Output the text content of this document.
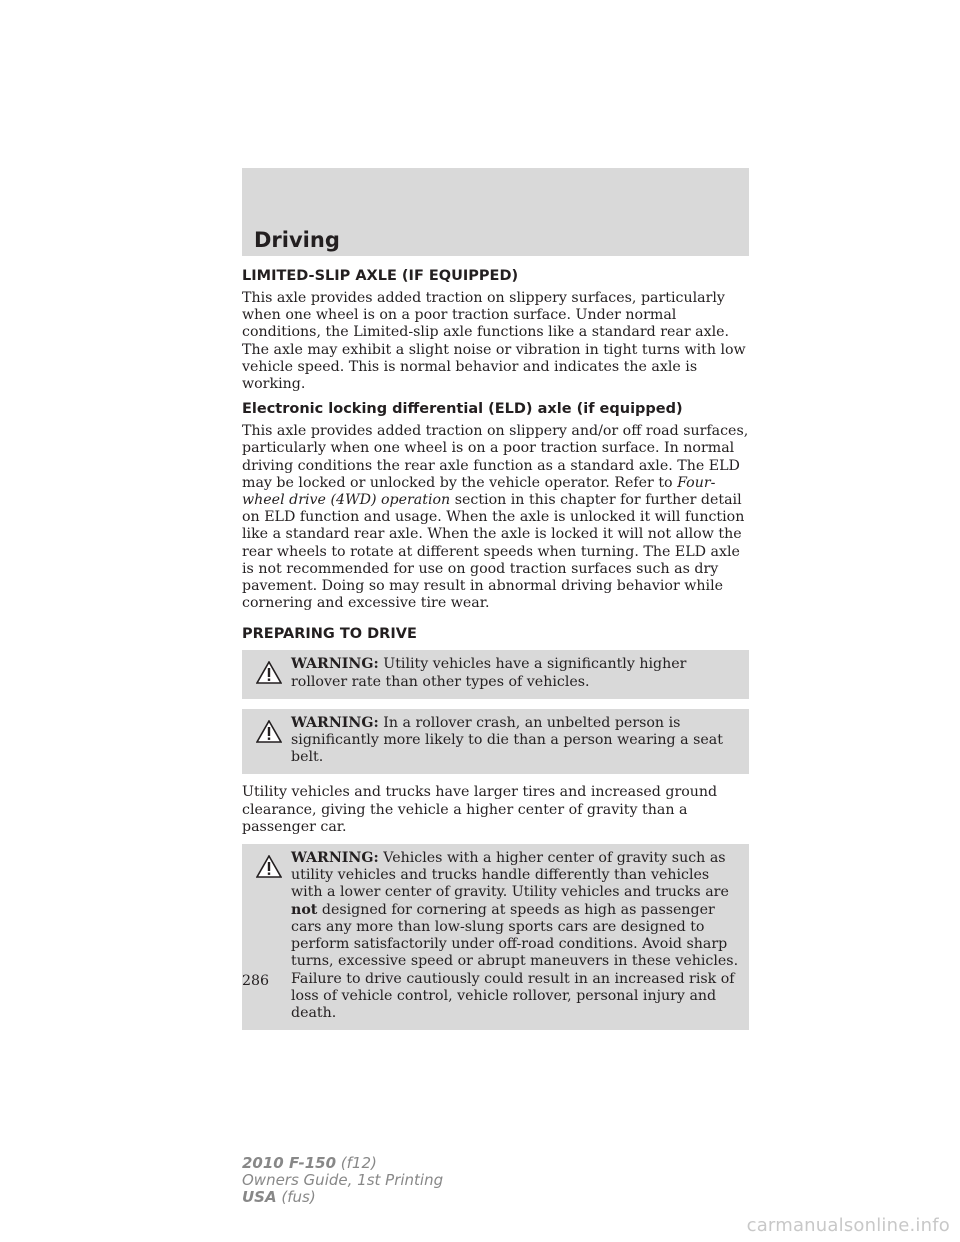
Driving
LIMITED-SLIP AXLE (IF EQUIPPED)

This axle provides added traction on slippery surfaces, particularly when one wheel is on a poor traction surface. Under normal conditions, the Limited-slip axle functions like a standard rear axle. The axle may exhibit a slight noise or vibration in tight turns with low vehicle speed. This is normal behavior and indicates the axle is working.

Electronic locking differential (ELD) axle (if equipped)

This axle provides added traction on slippery and/or off road surfaces, particularly when one wheel is on a poor traction surface. In normal driving conditions the rear axle function as a standard axle. The ELD may be locked or unlocked by the vehicle operator. Refer to Four-wheel drive (4WD) operation section in this chapter for further detail on ELD function and usage. When the axle is unlocked it will function like a standard rear axle. When the axle is locked it will not allow the rear wheels to rotate at different speeds when turning. The ELD axle is not recommended for use on good traction surfaces such as dry pavement. Doing so may result in abnormal driving behavior while cornering and excessive tire wear.

PREPARING TO DRIVE
WARNING: Utility vehicles have a significantly higher rollover rate than other types of vehicles.
WARNING: In a rollover crash, an unbelted person is significantly more likely to die than a person wearing a seat belt.

Utility vehicles and trucks have larger tires and increased ground clearance, giving the vehicle a higher center of gravity than a passenger car.

WARNING: Vehicles with a higher center of gravity such as utility vehicles and trucks handle differently than vehicles with a lower center of gravity. Utility vehicles and trucks are not designed for cornering at speeds as high as passenger cars any more than low-slung sports cars are designed to perform satisfactorily under off-road conditions. Avoid sharp turns, excessive speed or abrupt maneuvers in these vehicles. Failure to drive cautiously could result in an increased risk of loss of vehicle control, vehicle rollover, personal injury and death.
286
2010 F-150 (f12)
Owners Guide, 1st Printing
USA (fus)
carmanualsonline.info
